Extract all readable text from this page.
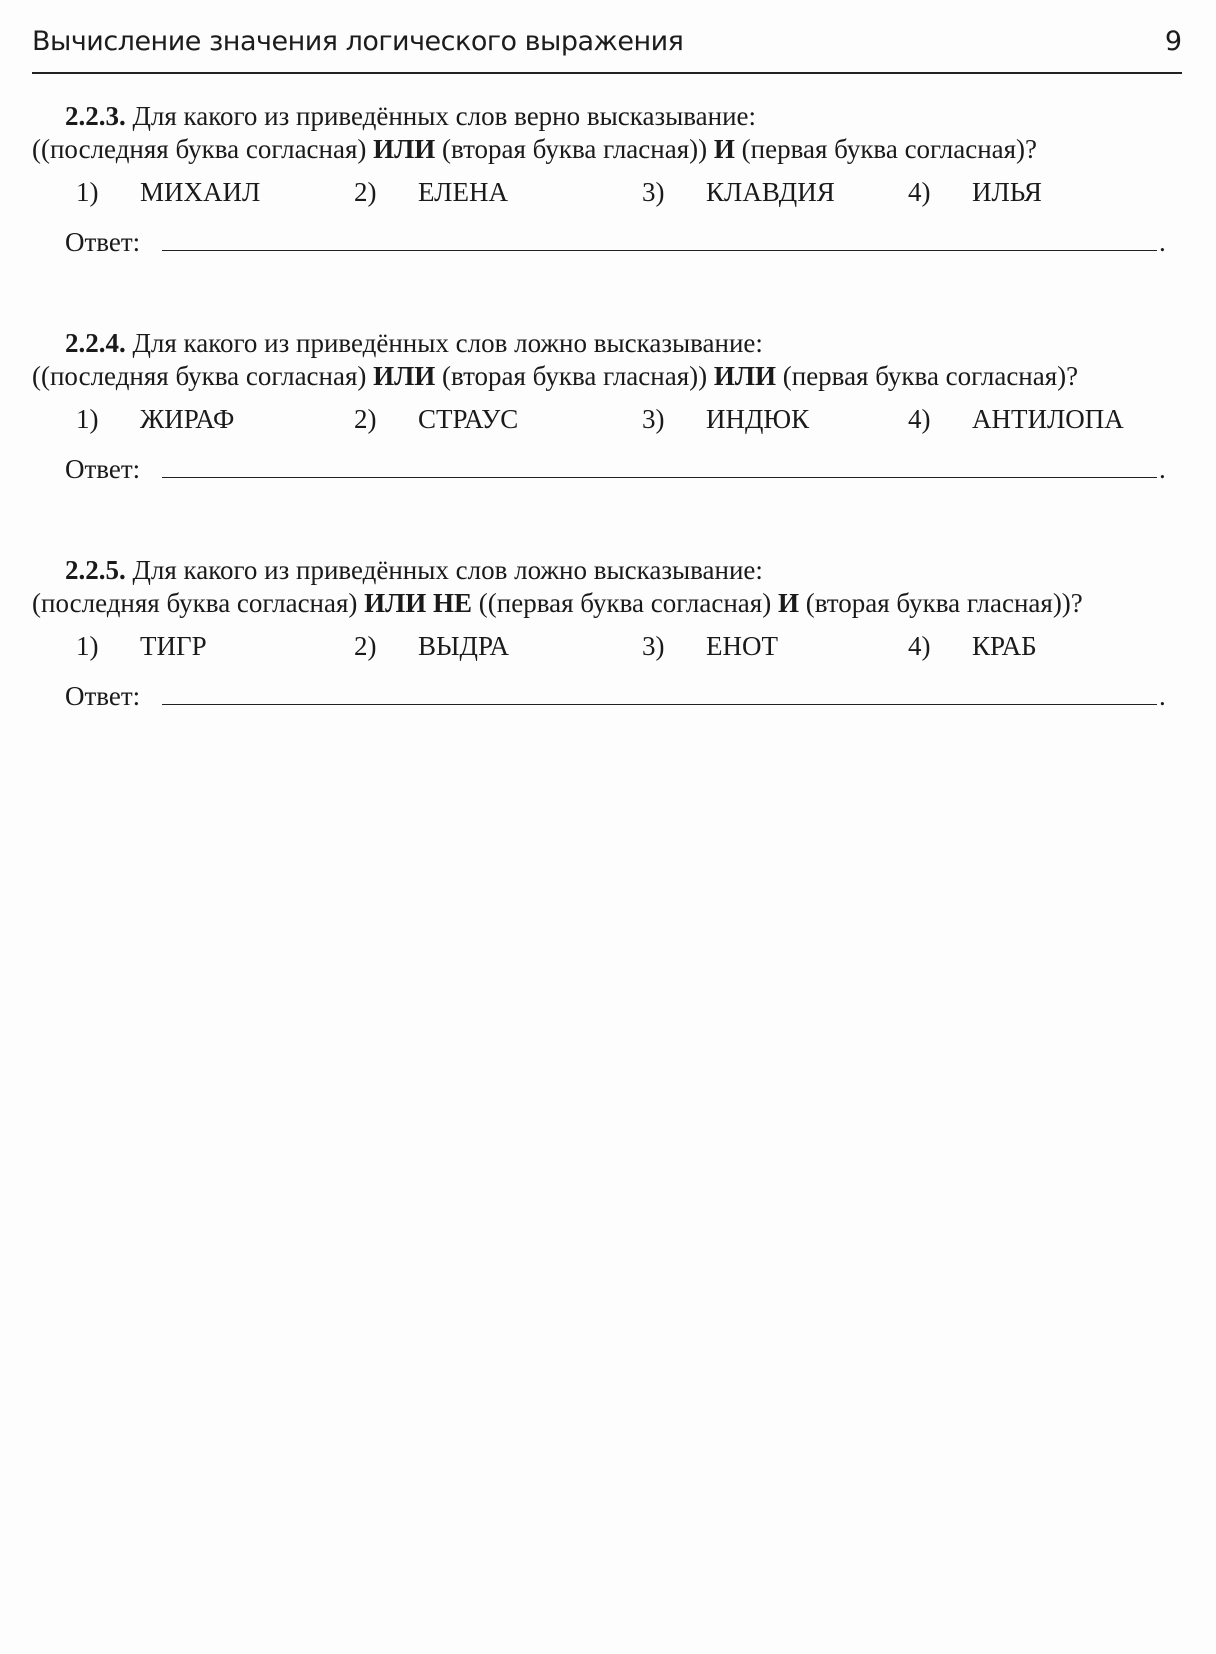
Вычисление значения логического выражения	9

2.2.3. Для какого из приведённых слов верно высказывание:

((последняя буква согласная) ИЛИ (вторая буква гласная)) И (первая буква согласная)?

1) МИХАИЛ	2) ЕЛЕНА	3) КЛАВДИЯ	4) ИЛЬЯ
Ответ:	.

2.2.4. Для какого из приведённых слов ложно высказывание:

((последняя буква согласная) ИЛИ (вторая буква гласная)) ИЛИ (первая буква согласная)?

1) ЖИРАФ	2) СТРАУС	3) ИНДЮК	4) АНТИЛОПА
Ответ:	.

2.2.5. Для какого из приведённых слов ложно высказывание:

(последняя буква согласная) ИЛИ НЕ ((первая буква согласная) И (вторая буква гласная))?

1) ТИГР	2) ВЫДРА	3) ЕНОТ	4) КРАБ
Ответ:	.
